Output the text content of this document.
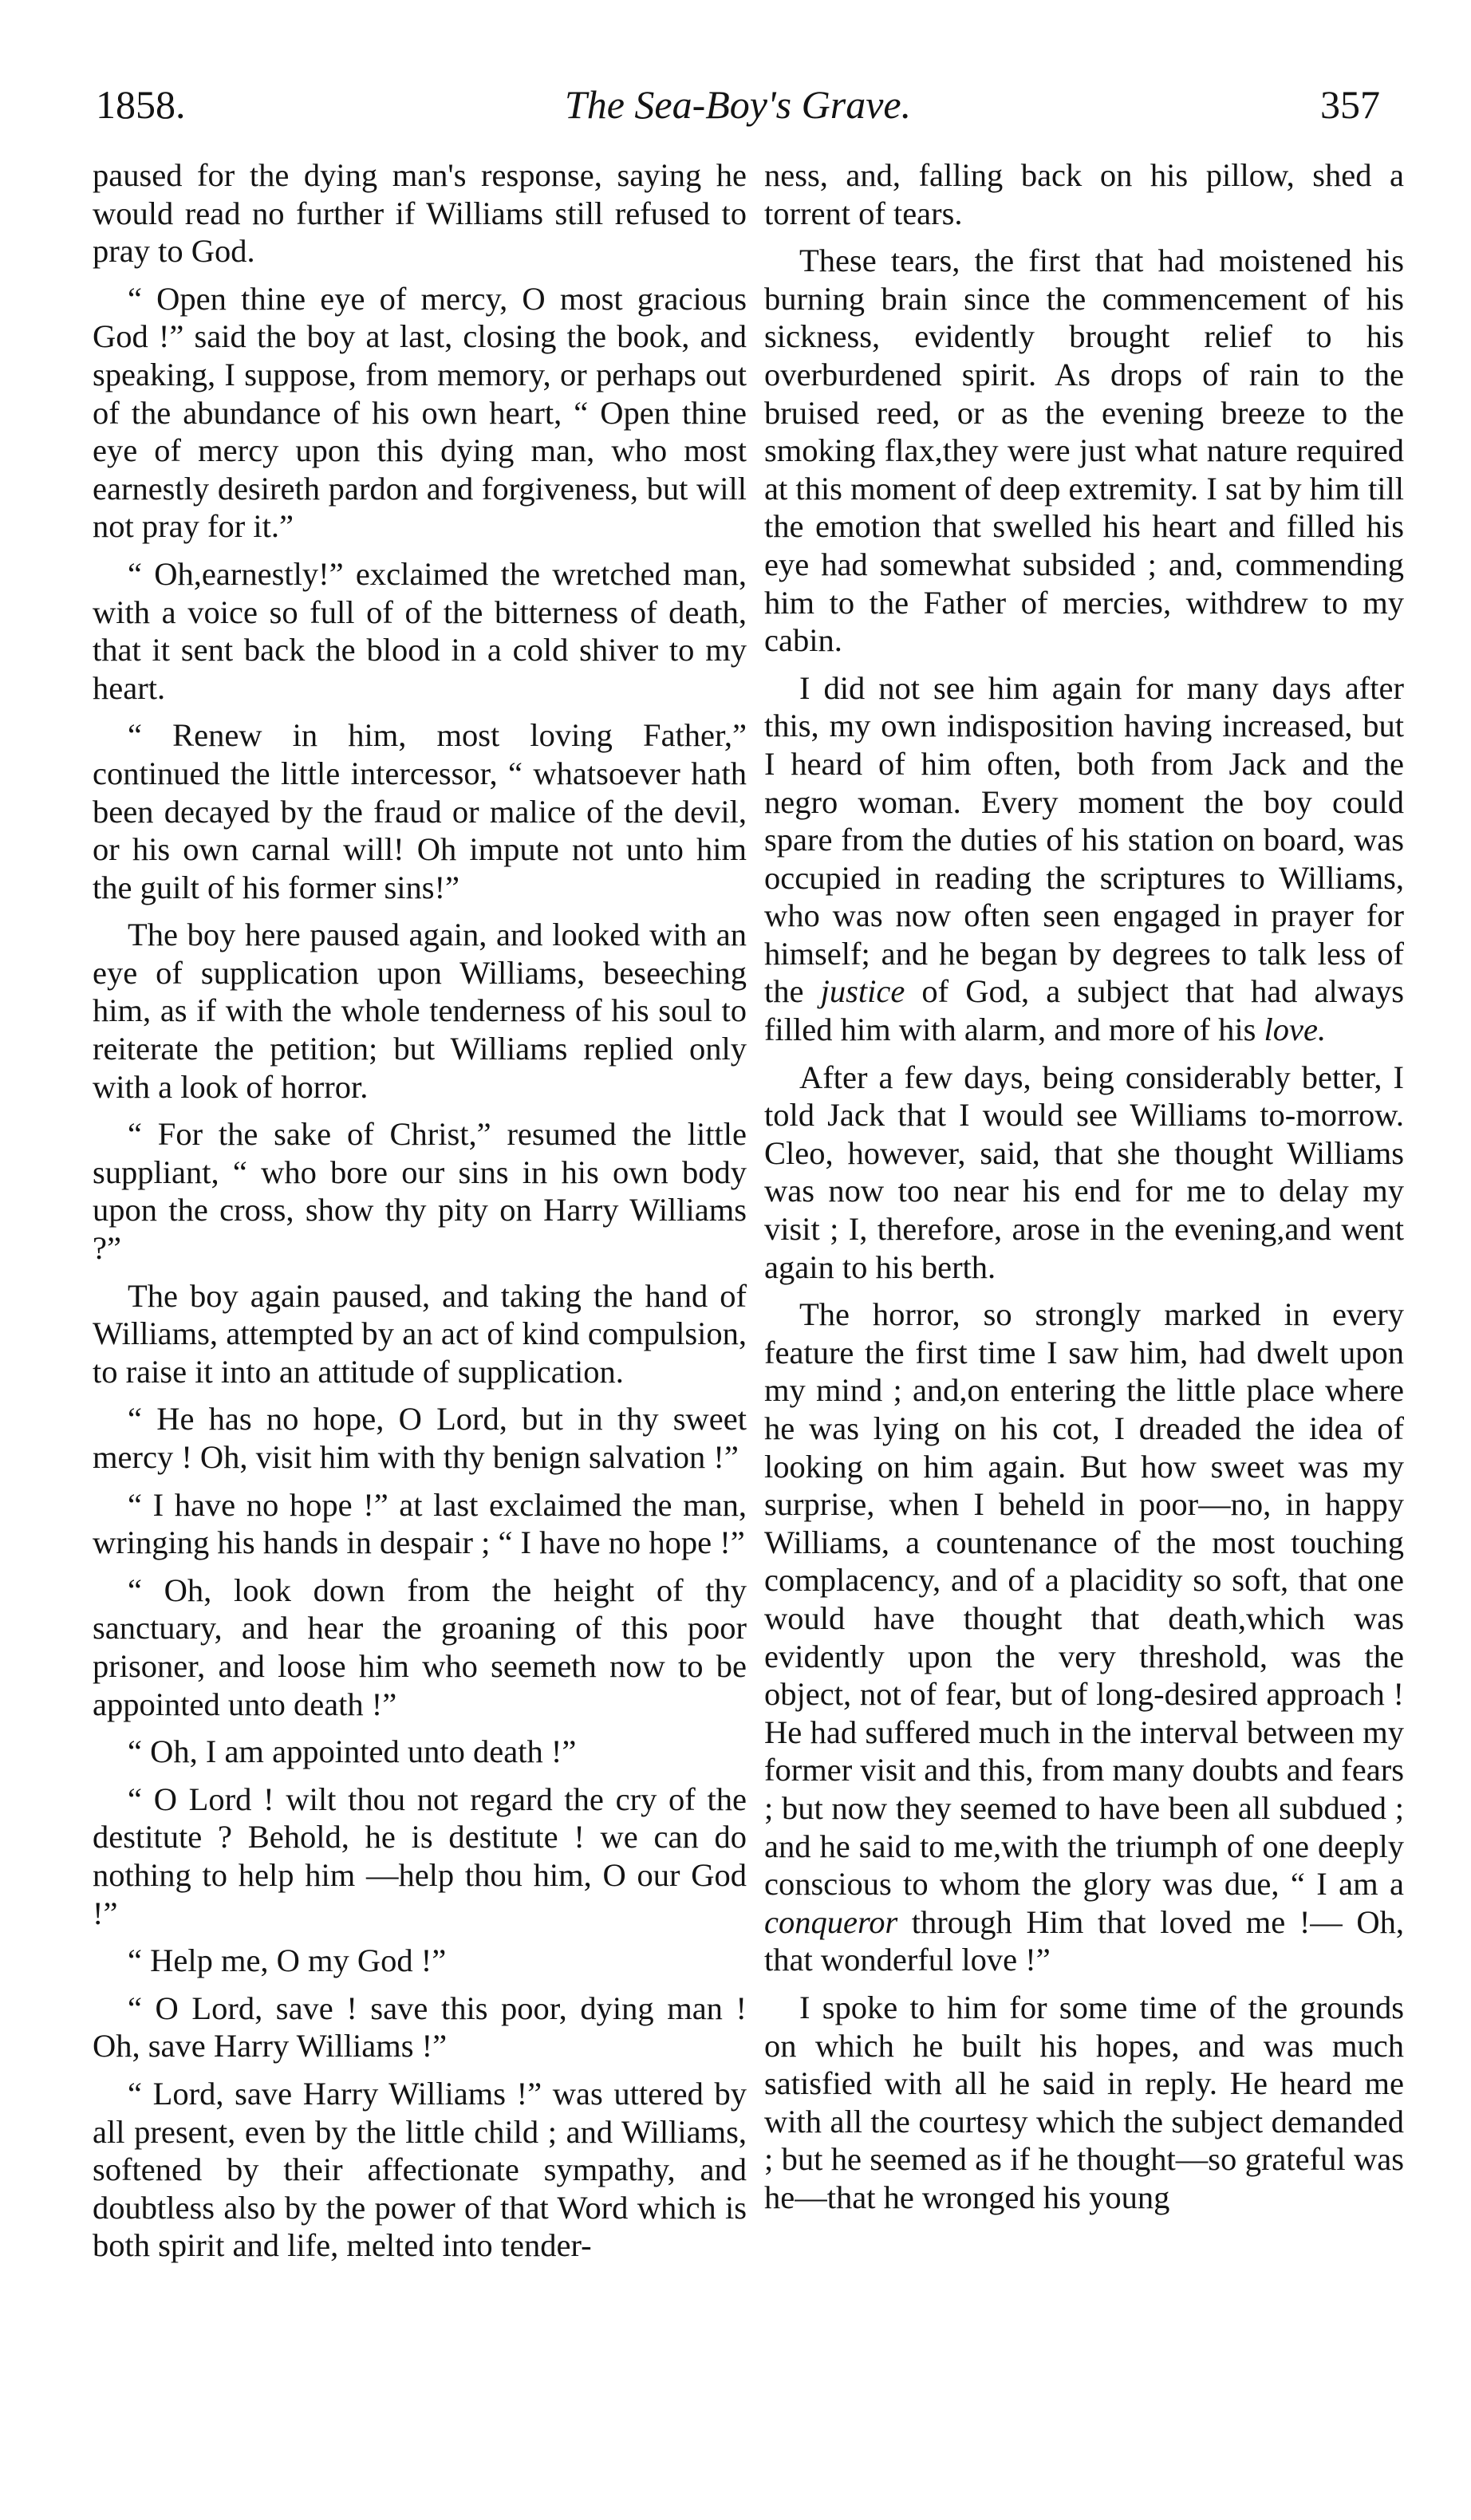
1858.	The Sea-Boy's Grave.	357

paused for the dying man's response, saying he would read no further if Williams still refused to pray to God.

“ Open thine eye of mercy, O most gracious God !” said the boy at last, closing the book, and speaking, I suppose, from memory, or perhaps out of the abundance of his own heart, “ Open thine eye of mercy upon this dying man, who most earnestly desireth pardon and forgiveness, but will not pray for it.”

“ Oh,earnestly!” exclaimed the wretched man, with a voice so full of of the bitterness of death, that it sent back the blood in a cold shiver to my heart.

“ Renew in him, most loving Father,” continued the little intercessor, “ whatsoever hath been decayed by the fraud or malice of the devil, or his own carnal will! Oh impute not unto him the guilt of his former sins!”

The boy here paused again, and looked with an eye of supplication upon Williams, beseeching him, as if with the whole tenderness of his soul to reiterate the petition; but Williams replied only with a look of horror.

“ For the sake of Christ,” resumed the little suppliant, “ who bore our sins in his own body upon the cross, show thy pity on Harry Williams ?”

The boy again paused, and taking the hand of Williams, attempted by an act of kind compulsion, to raise it into an attitude of supplication.

“ He has no hope, O Lord, but in thy sweet mercy ! Oh, visit him with thy benign salvation !”

“ I have no hope !” at last exclaimed the man, wringing his hands in despair ; “ I have no hope !”

“ Oh, look down from the height of thy sanctuary, and hear the groaning of this poor prisoner, and loose him who seemeth now to be appointed unto death !”

“ Oh, I am appointed unto death !”

“ O Lord ! wilt thou not regard the cry of the destitute ? Behold, he is destitute ! we can do nothing to help him —help thou him, O our God !”

“ Help me, O my God !”

“ O Lord, save ! save this poor, dying man ! Oh, save Harry Williams !”

“ Lord, save Harry Williams !” was uttered by all present, even by the little child ; and Williams, softened by their affectionate sympathy, and doubtless also by the power of that Word which is both spirit and life, melted into tender-

ness, and, falling back on his pillow, shed a torrent of tears.

These tears, the first that had moistened his burning brain since the commencement of his sickness, evidently brought relief to his overburdened spirit. As drops of rain to the bruised reed, or as the evening breeze to the smoking flax,they were just what nature required at this moment of deep extremity. I sat by him till the emotion that swelled his heart and filled his eye had somewhat subsided ; and, commending him to the Father of mercies, withdrew to my cabin.

I did not see him again for many days after this, my own indisposition having increased, but I heard of him often, both from Jack and the negro woman. Every moment the boy could spare from the duties of his station on board, was occupied in reading the scriptures to Williams, who was now often seen engaged in prayer for himself; and he began by degrees to talk less of the justice of God, a subject that had always filled him with alarm, and more of his love.

After a few days, being considerably better, I told Jack that I would see Williams to-morrow. Cleo, however, said, that she thought Williams was now too near his end for me to delay my visit ; I, therefore, arose in the evening,and went again to his berth.

The horror, so strongly marked in every feature the first time I saw him, had dwelt upon my mind ; and,on entering the little place where he was lying on his cot, I dreaded the idea of looking on him again. But how sweet was my surprise, when I beheld in poor—no, in happy Williams, a countenance of the most touching complacency, and of a placidity so soft, that one would have thought that death,which was evidently upon the very threshold, was the object, not of fear, but of long-desired approach ! He had suffered much in the interval between my former visit and this, from many doubts and fears ; but now they seemed to have been all subdued ; and he said to me,with the triumph of one deeply conscious to whom the glory was due, “ I am a conqueror through Him that loved me !— Oh, that wonderful love !”

I spoke to him for some time of the grounds on which he built his hopes, and was much satisfied with all he said in reply. He heard me with all the courtesy which the subject demanded ; but he seemed as if he thought—so grateful was he—that he wronged his young
